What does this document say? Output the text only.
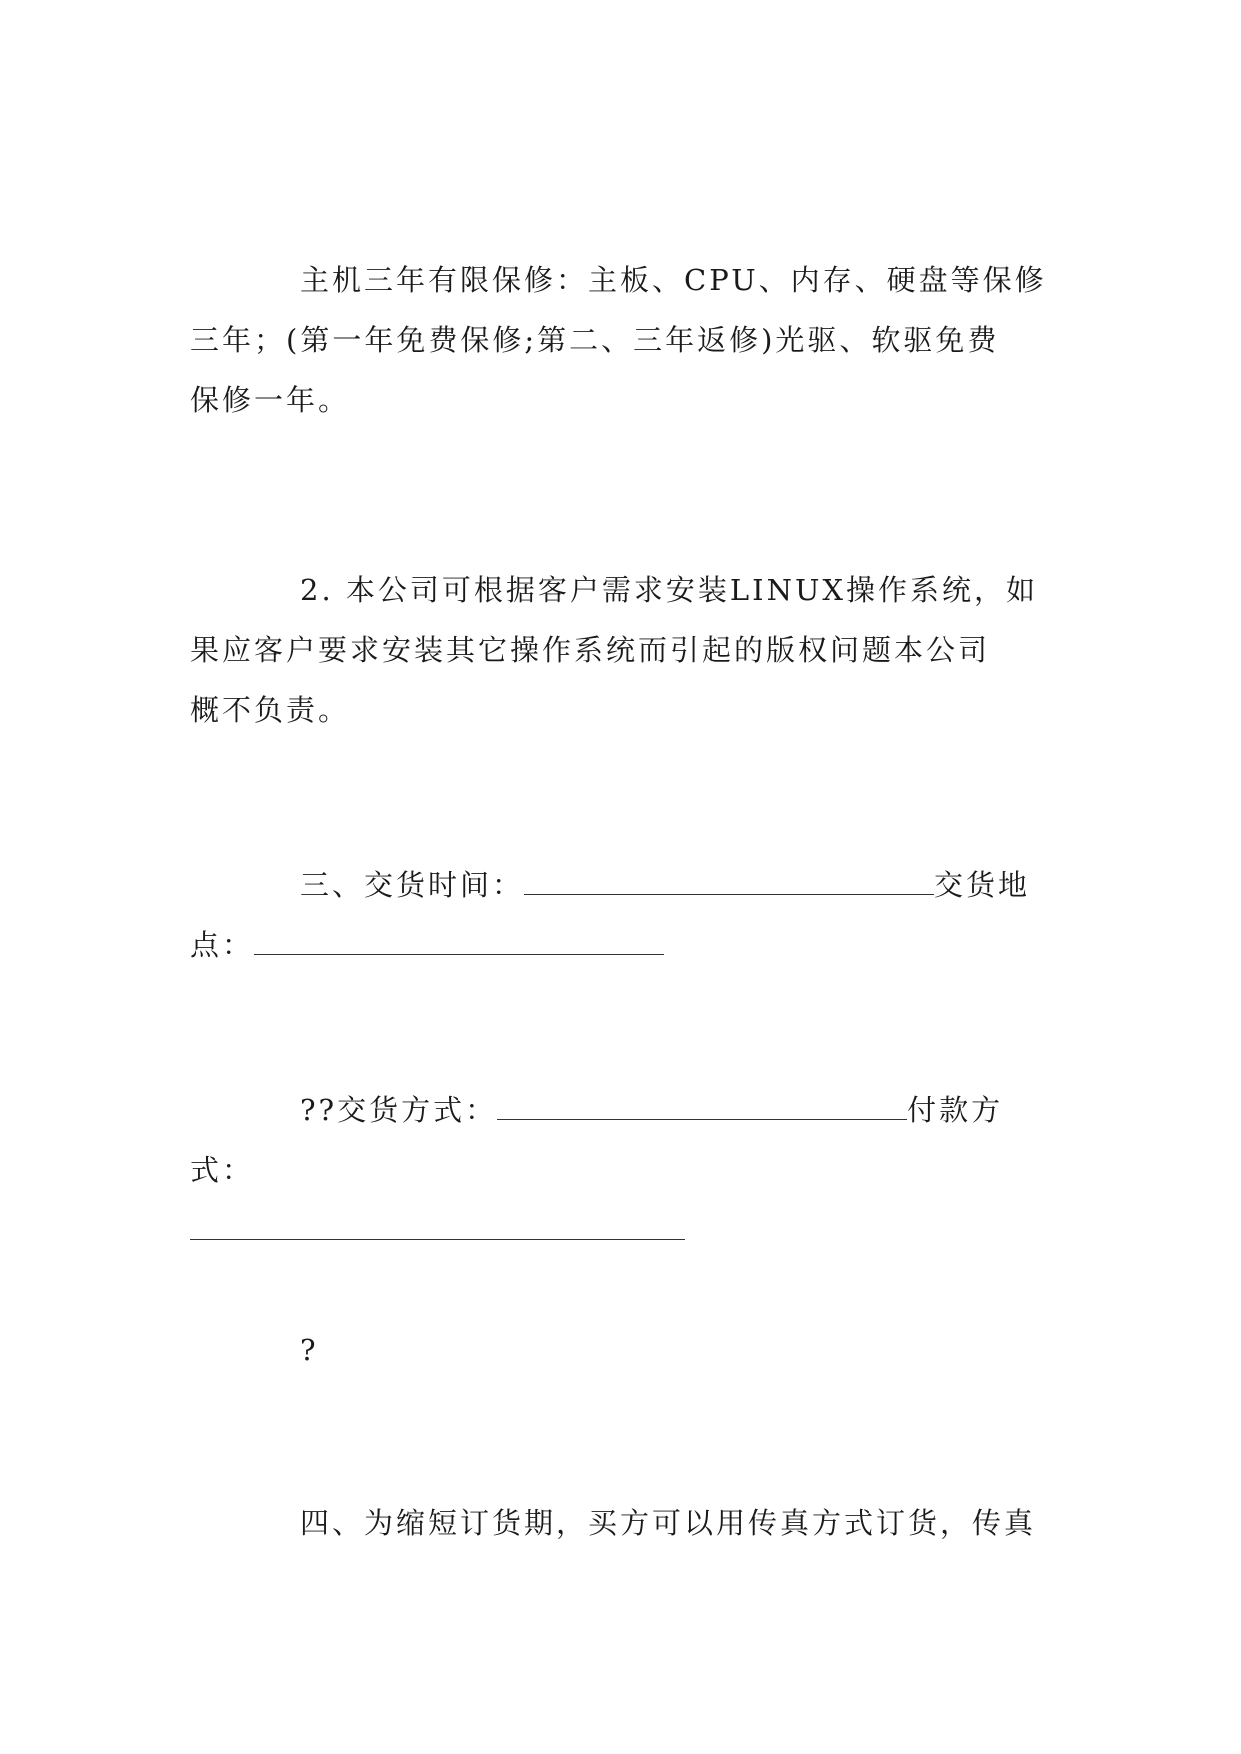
主机三年有限保修：主板、CPU、内存、硬盘等保修
三年；(第一年免费保修;第二、三年返修)光驱、软驱免费
保修一年。
2. 本公司可根据客户需求安装LINUX操作系统，如
果应客户要求安装其它操作系统而引起的版权问题本公司
概不负责。
三、交货时间：	交货地
点：
??交货方式：	付款方式：
?
四、为缩短订货期，买方可以用传真方式订货，传真
